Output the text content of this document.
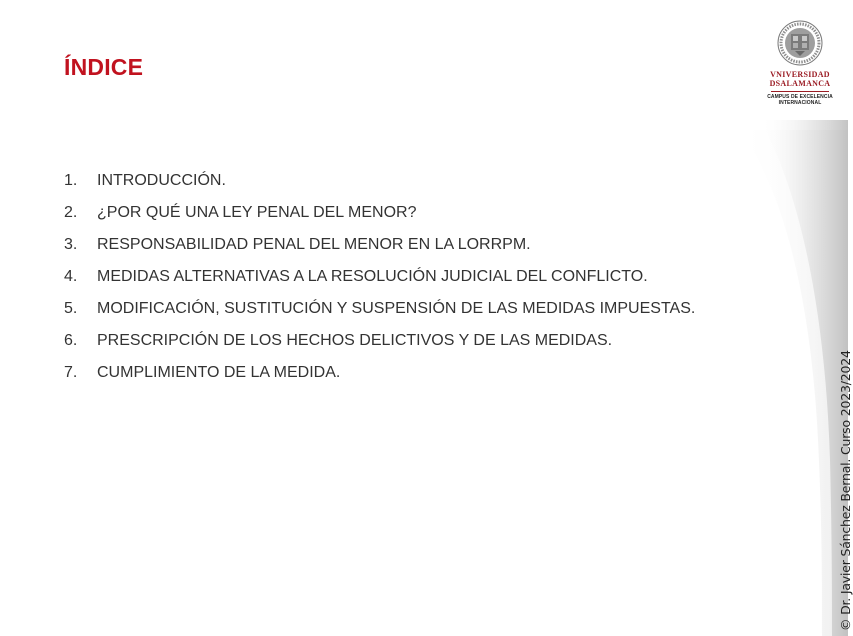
ÍNDICE	VNIVERSIDAD
DSALAMANCA
CAMPUS DE EXCELENCIA
INTERNACIONAL
1.	INTRODUCCIÓN.
2.	¿POR QUÉ UNA LEY PENAL DEL MENOR?
3.	RESPONSABILIDAD PENAL DEL MENOR EN LA LORRPM.
4.	MEDIDAS ALTERNATIVAS A LA RESOLUCIÓN JUDICIAL DEL CONFLICTO.
5.	MODIFICACIÓN, SUSTITUCIÓN Y SUSPENSIÓN DE LAS MEDIDAS IMPUESTAS.
6.	PRESCRIPCIÓN DE LOS HECHOS DELICTIVOS Y DE LAS MEDIDAS.
7.	CUMPLIMIENTO DE LA MEDIDA.	© Dr. Javier Sánchez Bernal. Curso 2023/2024
